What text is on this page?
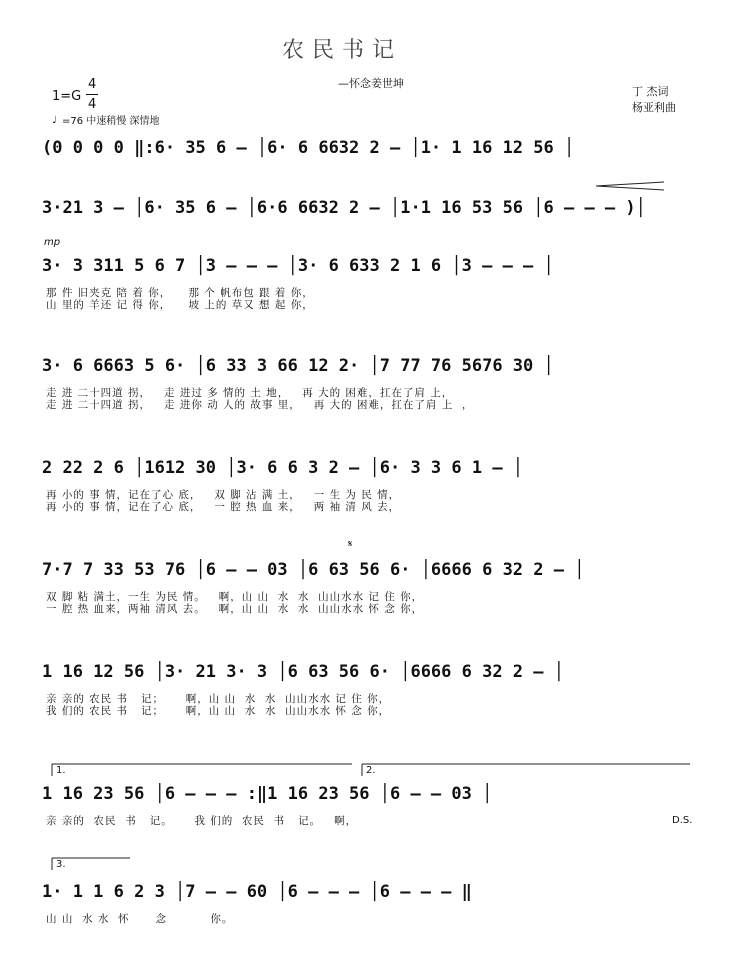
农民书记
—怀念姜世坤
1=G
4
4
♩ =76 中速稍慢 深情地
丁 杰词
杨亚利曲
mp
𝄋
D.S.
1.	2.
3.
(0 0 0 0 ‖:6· 35 6 – │6· 6 6632 2 – │1· 1 16 12 56 │
3·21 3 – │6· 35 6 – │6·6 6632 2 – │1·1 16 53 56 │6 – – – )│
3· 3 311 5 6 7 │3 – – – │3· 6 633 2 1 6 │3 – – – │
那 件 旧夹克 陪 着 你，    那 个 帆布包 跟 着 你，
山 里的 羊还 记 得 你，    坡 上的 草又 想 起 你，
3· 6 6663 5 6· │6 33 3 66 12 2· │7 77 76 5676 30 │
走 进 二十四道 拐，   走 进过 多 情的 土 地，   再 大的 困难，扛在了肩 上，
走 进 二十四道 拐，   走 进你 动 人的 故事 里，   再 大的 困难，扛在了肩 上  ，
2 22 2 6 │1612 30 │3· 6 6 3 2 – │6· 3 3 6 1 – │
再 小的 事 情，记在了心 底，   双 脚 沾 满 土，   一 生 为 民 情，
再 小的 事 情，记在了心 底，   一 腔 热 血 来，   两 袖 清 风 去，
7·7 7 33 53 76 │6 – – 03 │6 63 56 6· │6666 6 32 2 – │
双 脚 粘 满土，一生 为民 情。   啊，山 山  水  水  山山水水 记 住 你，
一 腔 热 血来，两袖 清风 去。   啊，山 山  水  水  山山水水 怀 念 你，
1 16 12 56 │3· 21 3· 3 │6 63 56 6· │6666 6 32 2 – │
亲 亲的 农民 书   记；     啊，山 山  水  水  山山水水 记 住 你，
我 们的 农民 书   记；     啊，山 山  水  水  山山水水 怀 念 你，
1 16 23 56 │6 – – – :‖1 16 23 56 │6 – – 03 │
亲 亲的  农民  书   记。     我 们的  农民  书   记。   啊，
1· 1 1 6 2 3 │7 – – 60 │6 – – – │6 – – – ‖
山 山  水 水  怀      念          你。
